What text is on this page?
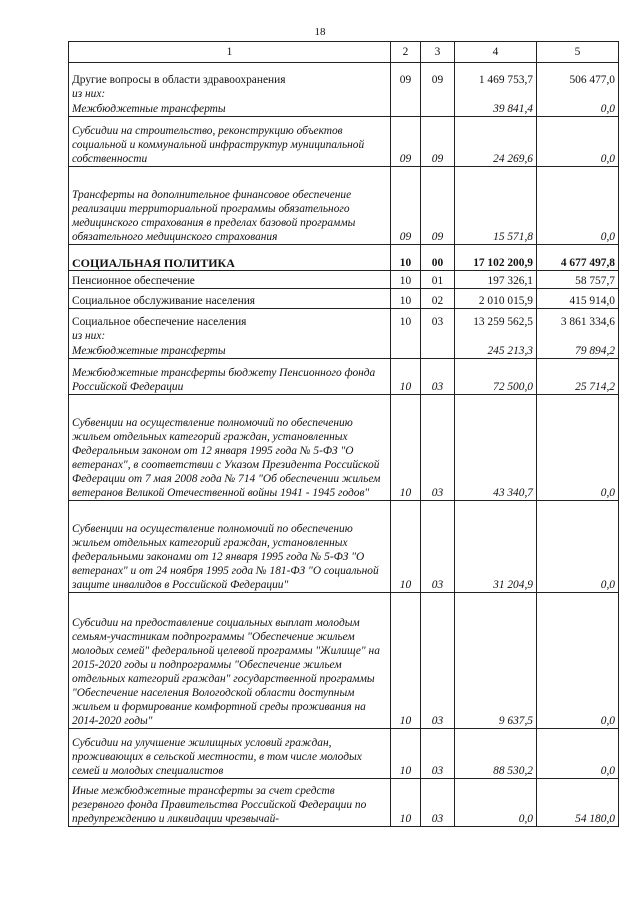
18
1	2	3	4	5
Другие вопросы в области здравоохранения	09	09	1 469 753,7	506 477,0
из них:				
Межбюджетные трансферты			39 841,4	0,0
Субсидии на строительство, реконструкцию объектов социальной и коммунальной инфраструктур муниципальной собственности	09	09	24 269,6	0,0
Трансферты на дополнительное финансовое обеспечение реализации территориальной программы обязательного медицинского страхования в пределах базовой программы обязательного медицинского страхования	09	09	15 571,8	0,0
СОЦИАЛЬНАЯ ПОЛИТИКА	10	00	17 102 200,9	4 677 497,8
Пенсионное обеспечение	10	01	197 326,1	58 757,7
Социальное обслуживание населения	10	02	2 010 015,9	415 914,0
Социальное обеспечение населения	10	03	13 259 562,5	3 861 334,6
из них:				
Межбюджетные трансферты			245 213,3	79 894,2
Межбюджетные трансферты бюджету Пенсионного фонда Российской Федерации	10	03	72 500,0	25 714,2
Субвенции на осуществление полномочий по обеспечению жильем отдельных категорий граждан, установленных Федеральным законом от 12 января 1995 года № 5-ФЗ "О ветеранах", в соответствии с Указом Президента Российской Федерации от 7 мая 2008 года № 714 "Об обеспечении жильем ветеранов Великой Отечественной войны 1941 - 1945 годов"	10	03	43 340,7	0,0
Субвенции на осуществление полномочий по обеспечению жильем отдельных категорий граждан, установленных федеральными законами от 12 января 1995 года № 5-ФЗ "О ветеранах" и от 24 ноября 1995 года № 181-ФЗ "О социальной защите инвалидов в Российской Федерации"	10	03	31 204,9	0,0
Субсидии на предоставление социальных выплат молодым семьям-участникам подпрограммы "Обеспечение жильем молодых семей" федеральной целевой программы "Жилище" на 2015-2020 годы и подпрограммы "Обеспечение жильем отдельных категорий граждан" государственной программы "Обеспечение населения Вологодской области доступным жильем и формирование комфортной среды проживания на 2014-2020 годы"	10	03	9 637,5	0,0
Субсидии на улучшение жилищных условий граждан, проживающих в сельской местности, в том числе молодых семей и молодых специалистов	10	03	88 530,2	0,0
Иные межбюджетные трансферты за счет средств резервного фонда Правительства Российской Федерации по предупреждению и ликвидации чрезвычай-	10	03	0,0	54 180,0
